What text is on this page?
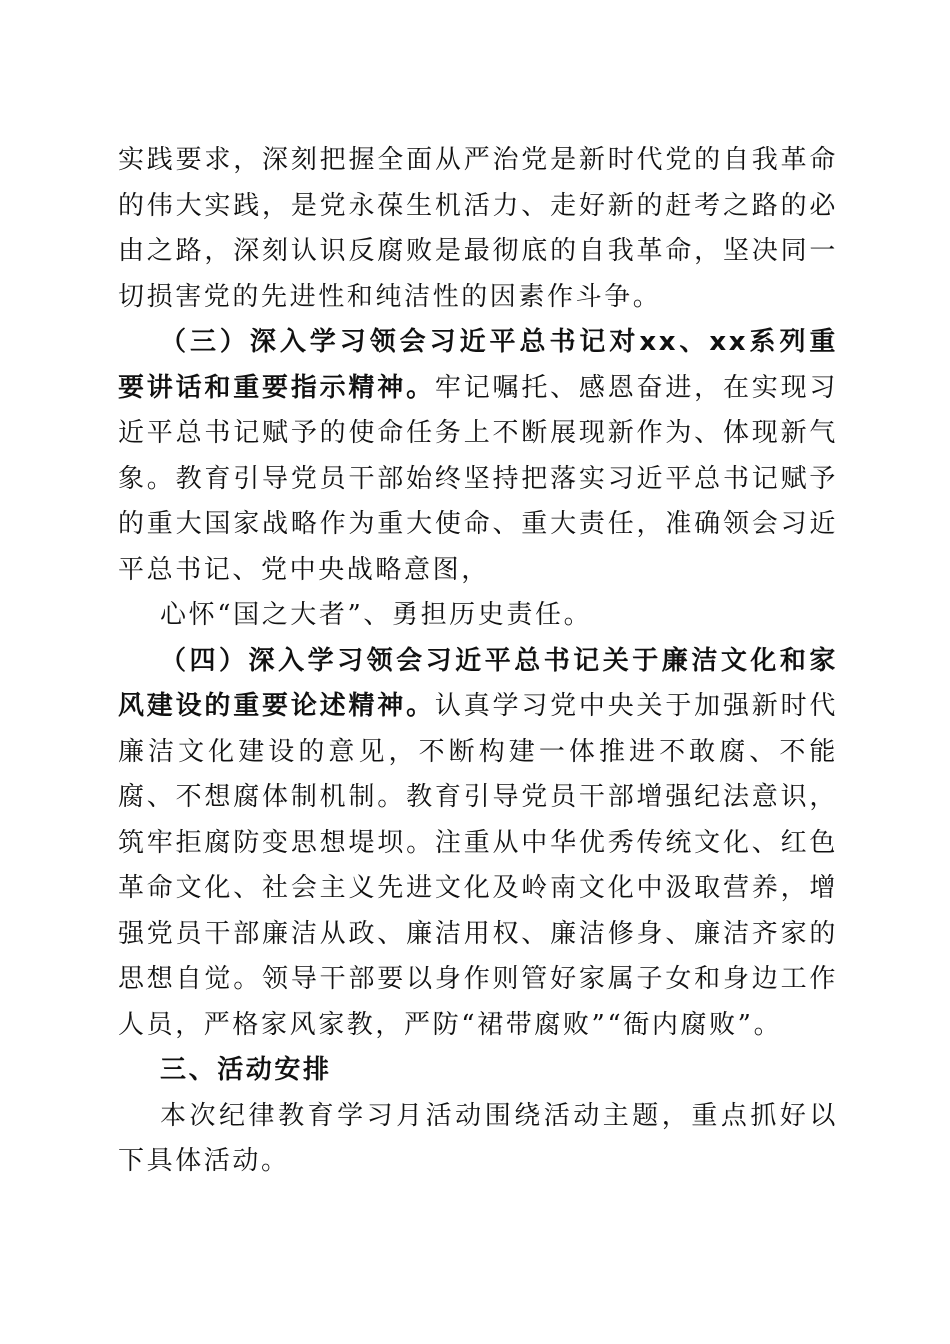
实践要求，深刻把握全面从严治党是新时代党的自我革命的伟大实践，是党永葆生机活力、走好新的赶考之路的必由之路，深刻认识反腐败是最彻底的自我革命，坚决同一切损害党的先进性和纯洁性的因素作斗争。

（三）深入学习领会习近平总书记对xx、xx系列重要讲话和重要指示精神。牢记嘱托、感恩奋进，在实现习近平总书记赋予的使命任务上不断展现新作为、体现新气象。教育引导党员干部始终坚持把落实习近平总书记赋予的重大国家战略作为重大使命、重大责任，准确领会习近平总书记、党中央战略意图，

心怀“国之大者”、勇担历史责任。

（四）深入学习领会习近平总书记关于廉洁文化和家风建设的重要论述精神。认真学习党中央关于加强新时代廉洁文化建设的意见，不断构建一体推进不敢腐、不能腐、不想腐体制机制。教育引导党员干部增强纪法意识，筑牢拒腐防变思想堤坝。注重从中华优秀传统文化、红色革命文化、社会主义先进文化及岭南文化中汲取营养，增强党员干部廉洁从政、廉洁用权、廉洁修身、廉洁齐家的思想自觉。领导干部要以身作则管好家属子女和身边工作人员，严格家风家教，严防“裙带腐败”“衙内腐败”。

三、活动安排

本次纪律教育学习月活动围绕活动主题，重点抓好以下具体活动。
